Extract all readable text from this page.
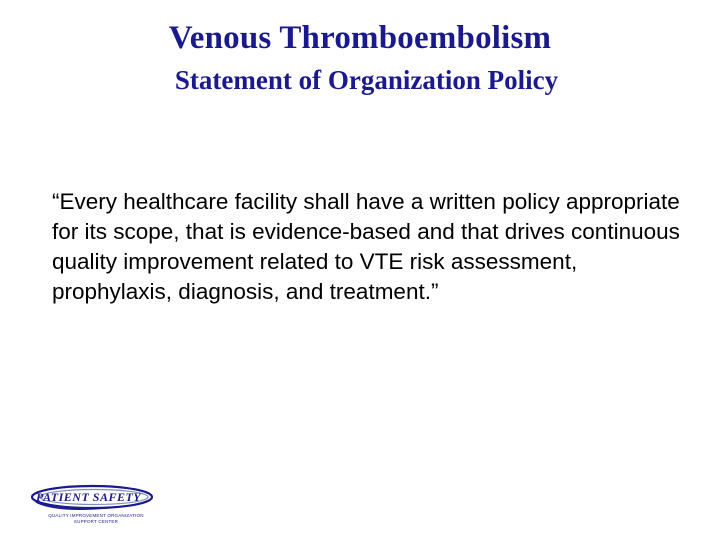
Venous Thromboembolism
Statement of Organization Policy
“Every healthcare facility shall have a written policy appropriate for its scope, that is evidence-based and that drives continuous quality improvement related to VTE risk assessment, prophylaxis, diagnosis, and treatment.”
PATIENT SAFETY
QUALITY IMPROVEMENT ORGANIZATION
SUPPORT CENTER
